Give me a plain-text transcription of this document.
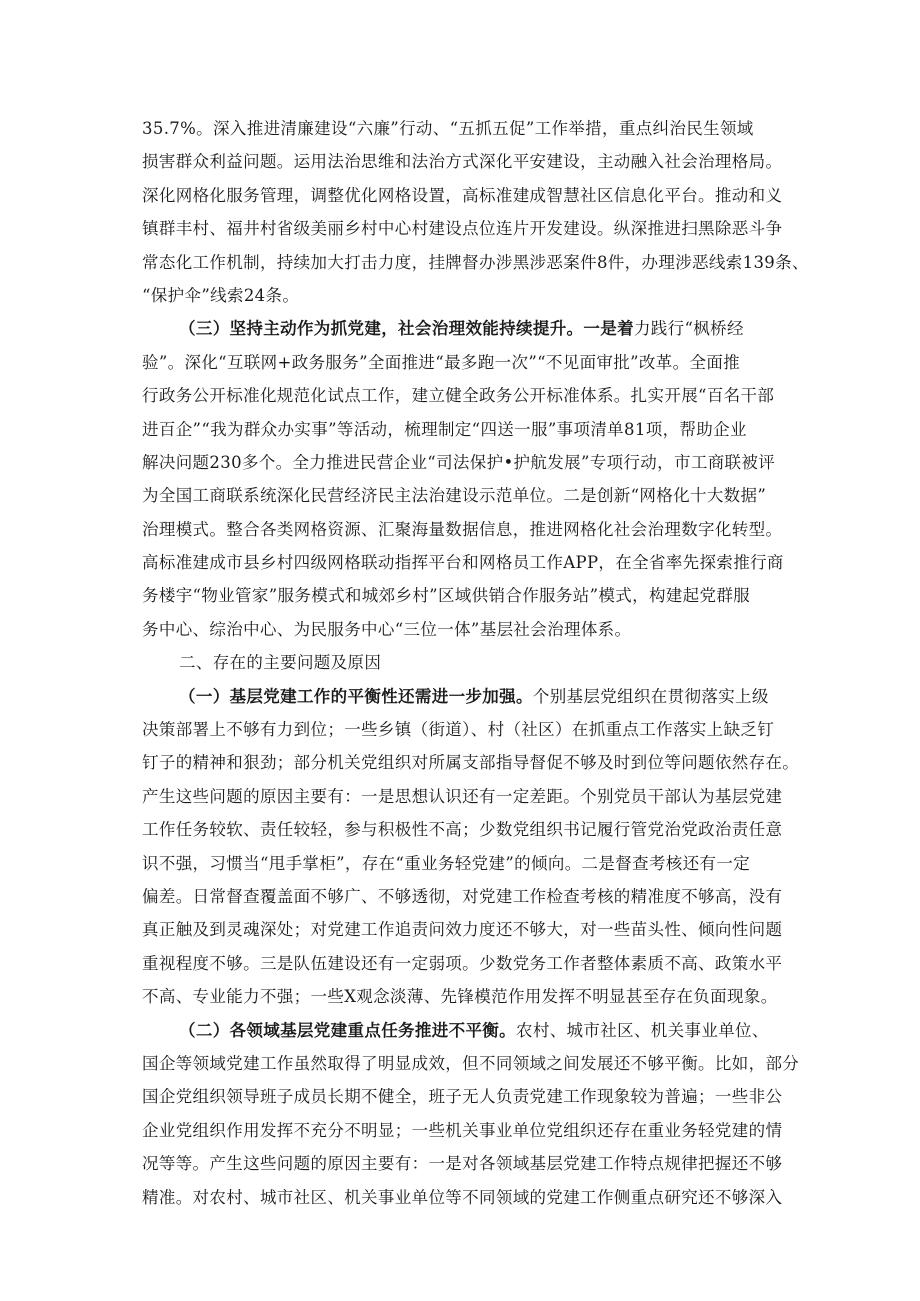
35.7%。深入推进清廉建设“六廉”行动、“五抓五促”工作举措，重点纠治民生领域
损害群众利益问题。运用法治思维和法治方式深化平安建设，主动融入社会治理格局。
深化网格化服务管理，调整优化网格设置，高标准建成智慧社区信息化平台。推动和义
镇群丰村、福井村省级美丽乡村中心村建设点位连片开发建设。纵深推进扫黑除恶斗争
常态化工作机制，持续加大打击力度，挂牌督办涉黑涉恶案件8件，办理涉恶线索139条、
“保护伞”线索24条。
（三）坚持主动作为抓党建，社会治理效能持续提升。一是着力践行“枫桥经
验”。深化“互联网+政务服务”全面推进“最多跑一次”“不见面审批”改革。全面推
行政务公开标准化规范化试点工作，建立健全政务公开标准体系。扎实开展“百名干部
进百企”“我为群众办实事”等活动，梳理制定“四送一服”事项清单81项，帮助企业
解决问题230多个。全力推进民营企业“司法保护•护航发展”专项行动，市工商联被评
为全国工商联系统深化民营经济民主法治建设示范单位。二是创新“网格化十大数据”
治理模式。整合各类网格资源、汇聚海量数据信息，推进网格化社会治理数字化转型。
高标准建成市县乡村四级网格联动指挥平台和网格员工作APP，在全省率先探索推行商
务楼宇“物业管家”服务模式和城郊乡村”区域供销合作服务站”模式，构建起党群服
务中心、综治中心、为民服务中心“三位一体”基层社会治理体系。
二、存在的主要问题及原因
（一）基层党建工作的平衡性还需进一步加强。个别基层党组织在贯彻落实上级
决策部署上不够有力到位；一些乡镇（街道）、村（社区）在抓重点工作落实上缺乏钉
钉子的精神和狠劲；部分机关党组织对所属支部指导督促不够及时到位等问题依然存在。
产生这些问题的原因主要有：一是思想认识还有一定差距。个别党员干部认为基层党建
工作任务较软、责任较轻，参与积极性不高；少数党组织书记履行管党治党政治责任意
识不强，习惯当“甩手掌柜”，存在“重业务轻党建”的倾向。二是督查考核还有一定
偏差。日常督查覆盖面不够广、不够透彻，对党建工作检查考核的精准度不够高，没有
真正触及到灵魂深处；对党建工作追责问效力度还不够大，对一些苗头性、倾向性问题
重视程度不够。三是队伍建设还有一定弱项。少数党务工作者整体素质不高、政策水平
不高、专业能力不强；一些X观念淡薄、先锋模范作用发挥不明显甚至存在负面现象。
（二）各领域基层党建重点任务推进不平衡。农村、城市社区、机关事业单位、
国企等领域党建工作虽然取得了明显成效，但不同领域之间发展还不够平衡。比如，部分
国企党组织领导班子成员长期不健全，班子无人负责党建工作现象较为普遍；一些非公
企业党组织作用发挥不充分不明显；一些机关事业单位党组织还存在重业务轻党建的情
况等等。产生这些问题的原因主要有：一是对各领域基层党建工作特点规律把握还不够
精准。对农村、城市社区、机关事业单位等不同领域的党建工作侧重点研究还不够深入
